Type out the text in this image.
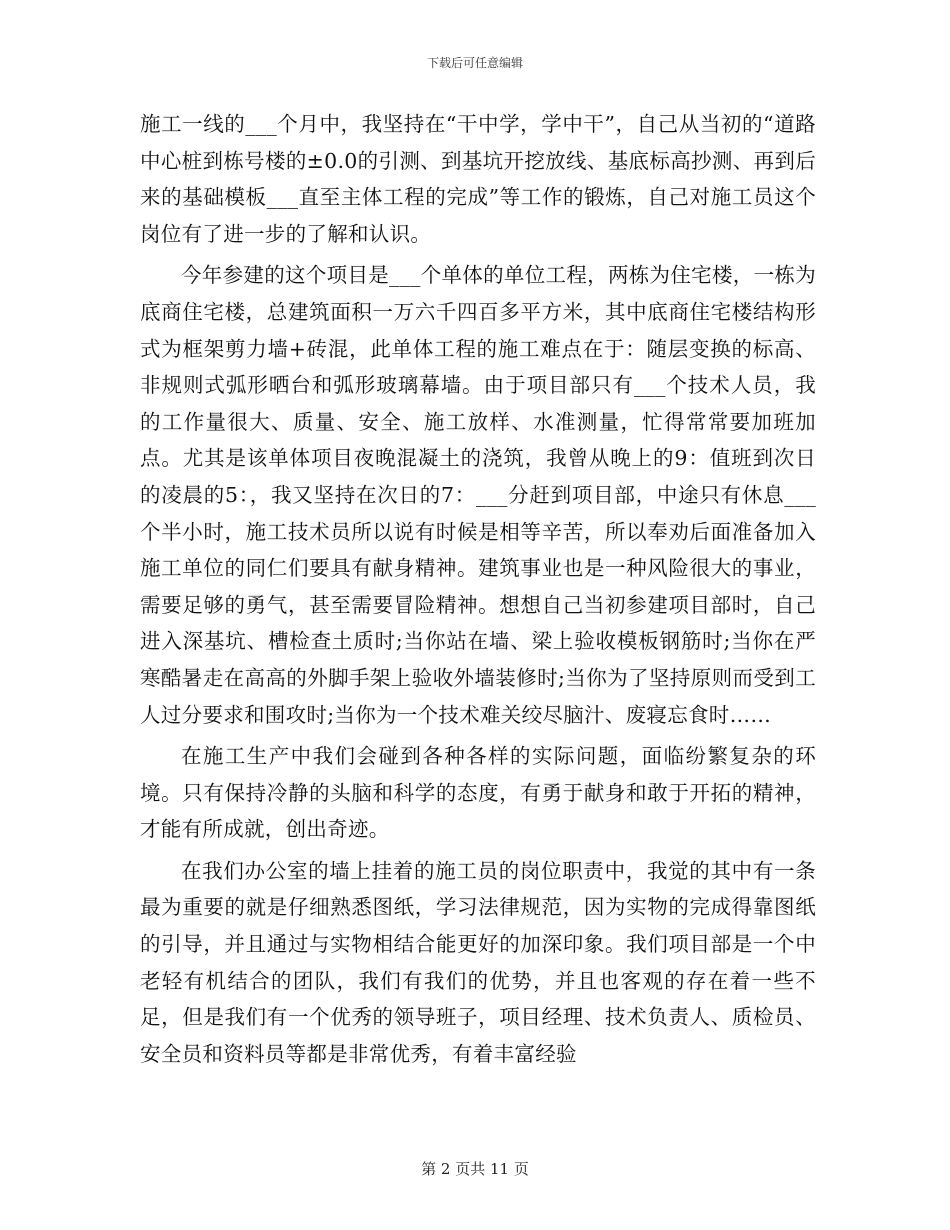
下载后可任意编辑

施工一线的___个月中，我坚持在“干中学，学中干”，自己从当初的“道路中心桩到栋号楼的±0.0的引测、到基坑开挖放线、基底标高抄测、再到后来的基础模板___直至主体工程的完成”等工作的锻炼，自己对施工员这个岗位有了进一步的了解和认识。

今年参建的这个项目是___个单体的单位工程，两栋为住宅楼，一栋为底商住宅楼，总建筑面积一万六千四百多平方米，其中底商住宅楼结构形式为框架剪力墙+砖混，此单体工程的施工难点在于：随层变换的标高、非规则式弧形晒台和弧形玻璃幕墙。由于项目部只有___个技术人员，我的工作量很大、质量、安全、施工放样、水准测量，忙得常常要加班加点。尤其是该单体项目夜晚混凝土的浇筑，我曾从晚上的9：值班到次日的凌晨的5：，我又坚持在次日的7：___分赶到项目部，中途只有休息___个半小时，施工技术员所以说有时候是相等辛苦，所以奉劝后面准备加入施工单位的同仁们要具有献身精神。建筑事业也是一种风险很大的事业，需要足够的勇气，甚至需要冒险精神。想想自己当初参建项目部时，自己进入深基坑、槽检查土质时;当你站在墙、梁上验收模板钢筋时;当你在严寒酷暑走在高高的外脚手架上验收外墙装修时;当你为了坚持原则而受到工人过分要求和围攻时;当你为一个技术难关绞尽脑汁、废寝忘食时……

在施工生产中我们会碰到各种各样的实际问题，面临纷繁复杂的环境。只有保持冷静的头脑和科学的态度，有勇于献身和敢于开拓的精神，才能有所成就，创出奇迹。

在我们办公室的墙上挂着的施工员的岗位职责中，我觉的其中有一条最为重要的就是仔细熟悉图纸，学习法律规范，因为实物的完成得靠图纸的引导，并且通过与实物相结合能更好的加深印象。我们项目部是一个中老轻有机结合的团队，我们有我们的优势，并且也客观的存在着一些不足，但是我们有一个优秀的领导班子，项目经理、技术负责人、质检员、安全员和资料员等都是非常优秀，有着丰富经验

第 2 页共 11 页
